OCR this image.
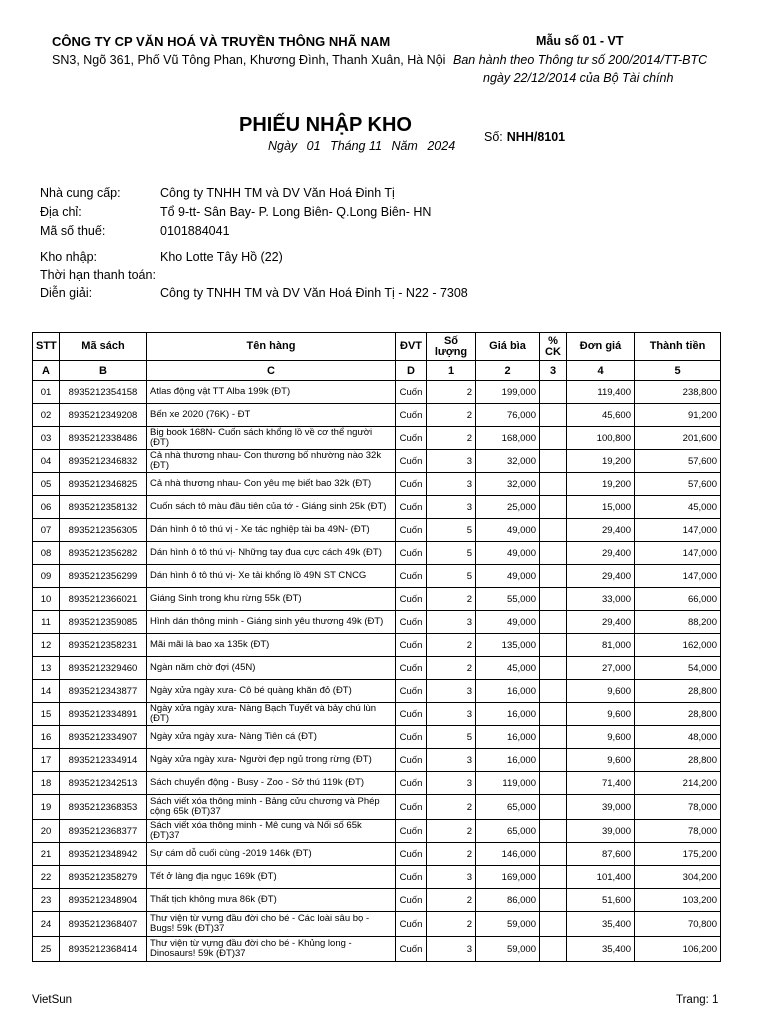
CÔNG TY CP VĂN HOÁ VÀ TRUYỀN THÔNG NHÃ NAM
SN3, Ngõ 361, Phố Vũ Tông Phan, Khương Đình, Thanh Xuân, Hà Nội
Mẫu số 01 - VT
Ban hành theo Thông tư số 200/2014/TT-BTC
ngày 22/12/2014 của Bộ Tài chính
PHIẾU NHẬP KHO
Ngày 01 Tháng 11 Năm 2024
Số: NHH/8101
Nhà cung cấp:	Công ty TNHH TM và DV Văn Hoá Đinh Tị
Địa chỉ:	Tổ 9-tt- Sân Bay- P. Long Biên- Q.Long Biên- HN
Mã số thuế:	0101884041
Kho nhập:	Kho Lotte Tây Hồ (22)
Thời hạn thanh toán:
Diễn giải:	Công ty TNHH TM và DV Văn Hoá Đinh Tị - N22 - 7308
STT	Mã sách	Tên hàng	ĐVT	Số lượng	Giá bìa	% CK	Đơn giá	Thành tiền
A	B	C	D	1	2	3	4	5
01	8935212354158	Atlas động vật TT Alba 199k (ĐT)	Cuốn	2	199,000		119,400	238,800
02	8935212349208	Bến xe 2020 (76K) - ĐT	Cuốn	2	76,000		45,600	91,200
03	8935212338486	Big book 168N- Cuốn sách khổng lồ về cơ thể người (ĐT)	Cuốn	2	168,000		100,800	201,600
04	8935212346832	Cả nhà thương nhau- Con thương bố nhường nào 32k (ĐT)	Cuốn	3	32,000		19,200	57,600
05	8935212346825	Cả nhà thương nhau- Con yêu mẹ biết bao 32k (ĐT)	Cuốn	3	32,000		19,200	57,600
06	8935212358132	Cuốn sách tô màu đầu tiên của tớ - Giáng sinh 25k (ĐT)	Cuốn	3	25,000		15,000	45,000
07	8935212356305	Dán hình ô tô thú vị - Xe tác nghiệp tài ba 49N- (ĐT)	Cuốn	5	49,000		29,400	147,000
08	8935212356282	Dán hình ô tô thú vị- Những tay đua cực cách 49k (ĐT)	Cuốn	5	49,000		29,400	147,000
09	8935212356299	Dán hình ô tô thú vị- Xe tải khổng lồ 49N ST CNCG	Cuốn	5	49,000		29,400	147,000
10	8935212366021	Giáng Sinh trong khu rừng 55k (ĐT)	Cuốn	2	55,000		33,000	66,000
11	8935212359085	Hình dán thông minh - Giáng sinh yêu thương 49k (ĐT)	Cuốn	3	49,000		29,400	88,200
12	8935212358231	Mãi mãi là bao xa 135k (ĐT)	Cuốn	2	135,000		81,000	162,000
13	8935212329460	Ngàn năm chờ đợi (45N)	Cuốn	2	45,000		27,000	54,000
14	8935212343877	Ngày xửa ngày xưa- Cô bé quàng khăn đỏ (ĐT)	Cuốn	3	16,000		9,600	28,800
15	8935212334891	Ngày xửa ngày xưa- Nàng Bạch Tuyết và bảy chú lùn (ĐT)	Cuốn	3	16,000		9,600	28,800
16	8935212334907	Ngày xửa ngày xưa- Nàng Tiên cá (ĐT)	Cuốn	5	16,000		9,600	48,000
17	8935212334914	Ngày xửa ngày xưa- Người đẹp ngủ trong rừng (ĐT)	Cuốn	3	16,000		9,600	28,800
18	8935212342513	Sách chuyển động - Busy - Zoo - Sở thú 119k (ĐT)	Cuốn	3	119,000		71,400	214,200
19	8935212368353	Sách viết xóa thông minh - Bảng cửu chương và Phép cộng 65k (ĐT)37	Cuốn	2	65,000		39,000	78,000
20	8935212368377	Sách viết xóa thông minh - Mê cung và Nối số 65k (ĐT)37	Cuốn	2	65,000		39,000	78,000
21	8935212348942	Sự cám dỗ cuối cùng -2019 146k (ĐT)	Cuốn	2	146,000		87,600	175,200
22	8935212358279	Tết ở làng địa ngục 169k (ĐT)	Cuốn	3	169,000		101,400	304,200
23	8935212348904	Thất tịch không mưa 86k (ĐT)	Cuốn	2	86,000		51,600	103,200
24	8935212368407	Thư viện từ vựng đầu đời cho bé - Các loài sâu bọ - Bugs! 59k (ĐT)37	Cuốn	2	59,000		35,400	70,800
25	8935212368414	Thư viện từ vựng đầu đời cho bé - Khủng long - Dinosaurs! 59k (ĐT)37	Cuốn	3	59,000		35,400	106,200
VietSun	Trang: 1
